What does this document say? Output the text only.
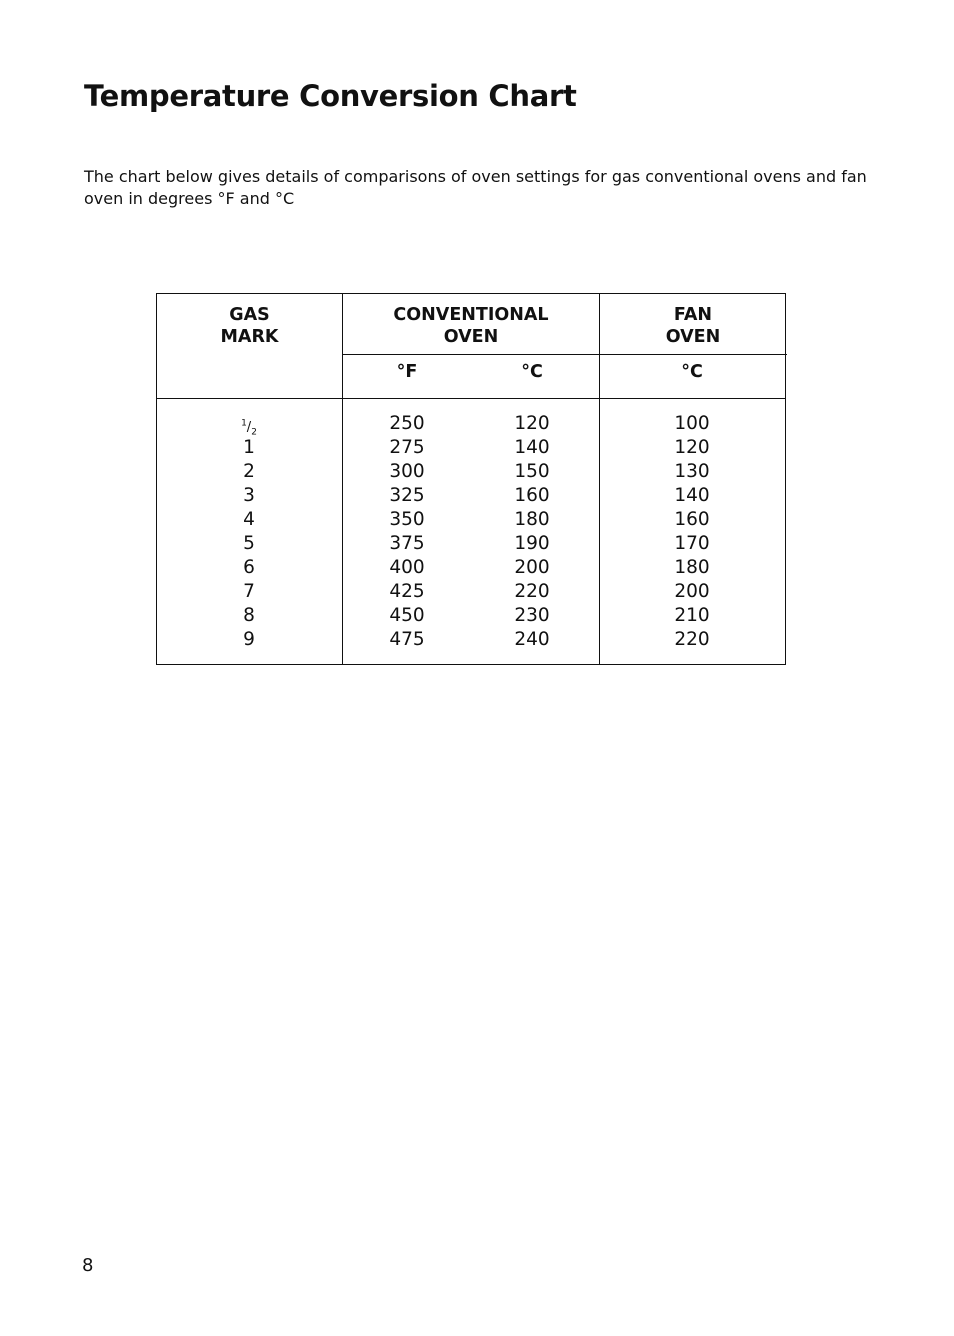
Temperature Conversion Chart

The chart below gives details of comparisons of oven settings for gas conventional ovens and fan oven in degrees °F and °C

GAS
MARK
CONVENTIONAL
OVEN
FAN
OVEN
°F	°C	°C
$^1/_2$
1
2
3
4
5
6
7
8
9
250
275
300
325
350
375
400
425
450
475
120
140
150
160
180
190
200
220
230
240
100
120
130
140
160
170
180
200
210
220
8
